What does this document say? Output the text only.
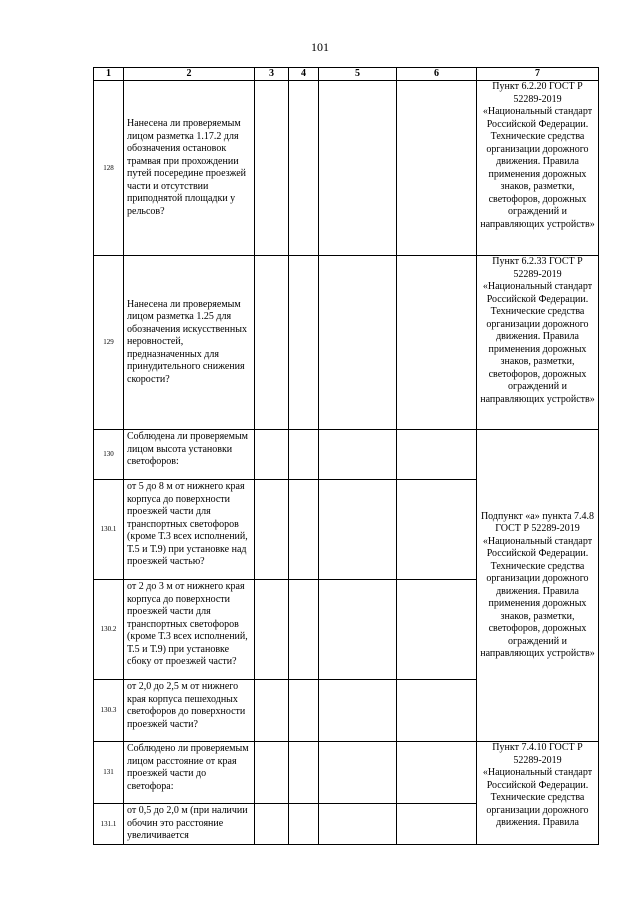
101
1	2	3	4	5	6	7
128	Нанесена ли проверяемым лицом разметка 1.17.2 для обозначения остановок трамвая при прохождении путей посередине проезжей части и отсутствии приподнятой площадки у рельсов?					Пункт 6.2.20 ГОСТ Р 52289-2019 «Национальный стандарт Российской Федерации. Технические средства организации дорожного движения. Правила применения дорожных знаков, разметки, светофоров, дорожных ограждений и направляющих устройств»
129	Нанесена ли проверяемым лицом разметка 1.25 для обозначения искусственных неровностей, предназначенных для принудительного снижения скорости?					Пункт 6.2.33 ГОСТ Р 52289-2019 «Национальный стандарт Российской Федерации. Технические средства организации дорожного движения. Правила применения дорожных знаков, разметки, светофоров, дорожных ограждений и направляющих устройств»
130	Соблюдена ли проверяемым лицом высота установки светофоров:					Подпункт «а» пункта 7.4.8 ГОСТ Р 52289-2019 «Национальный стандарт Российской Федерации. Технические средства организации дорожного движения. Правила применения дорожных знаков, разметки, светофоров, дорожных ограждений и направляющих устройств»
130.1	от 5 до 8 м от нижнего края корпуса до поверхности проезжей части для транспортных светофоров (кроме Т.3 всех исполнений, Т.5 и Т.9) при установке над проезжей частью?					
130.2	от 2 до 3 м от нижнего края корпуса до поверхности проезжей части для транспортных светофоров (кроме Т.3 всех исполнений, Т.5 и Т.9) при установке сбоку от проезжей части?					
130.3	от 2,0 до 2,5 м от нижнего края корпуса пешеходных светофоров до поверхности проезжей части?					
131	Соблюдено ли проверяемым лицом расстояние от края проезжей части до светофора:					Пункт 7.4.10 ГОСТ Р 52289-2019 «Национальный стандарт Российской Федерации. Технические средства организации дорожного движения. Правила
131.1	от 0,5 до 2,0 м (при наличии обочин это расстояние увеличивается					
